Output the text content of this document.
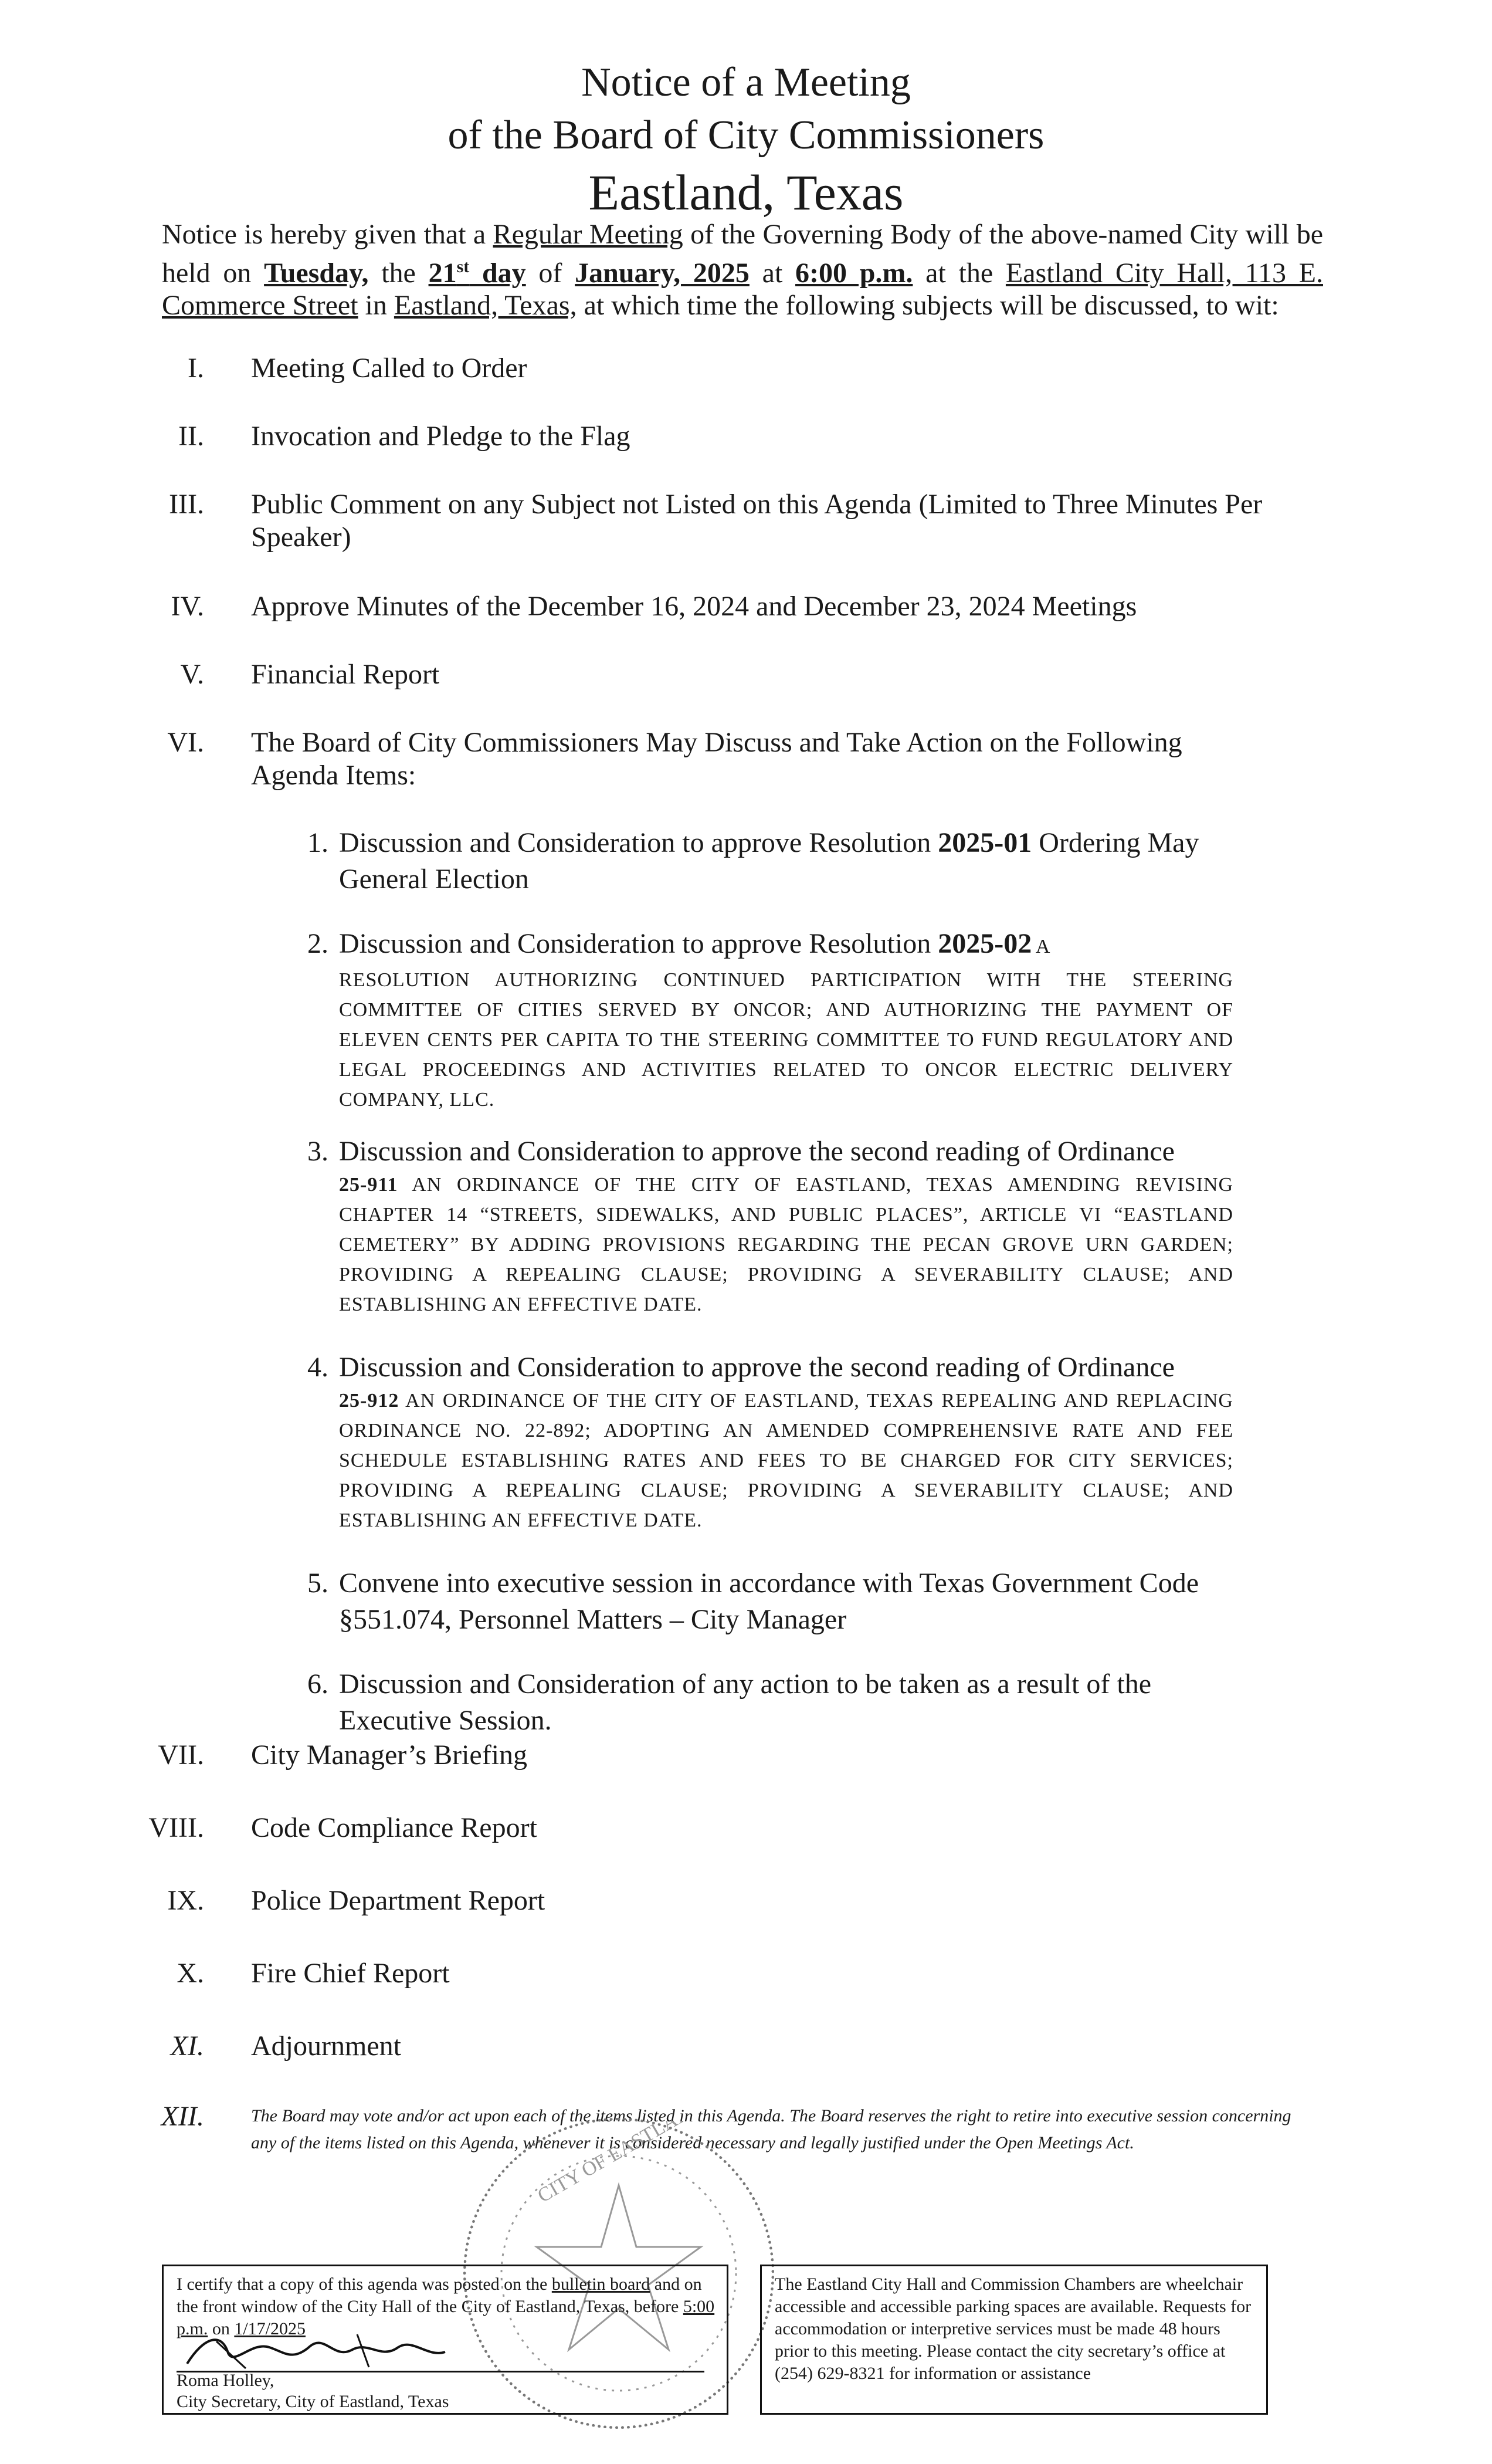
Notice of a Meeting
of the Board of City Commissioners
Eastland, Texas
Notice is hereby given that a Regular Meeting of the Governing Body of the above-named City will be held on Tuesday, the 21st day of January, 2025 at 6:00 p.m. at the Eastland City Hall, 113 E. Commerce Street in Eastland, Texas, at which time the following subjects will be discussed, to wit:
I. Meeting Called to Order
II. Invocation and Pledge to the Flag
III. Public Comment on any Subject not Listed on this Agenda (Limited to Three Minutes Per Speaker)
IV. Approve Minutes of the December 16, 2024 and December 23, 2024 Meetings
V. Financial Report
VI. The Board of City Commissioners May Discuss and Take Action on the Following Agenda Items:
1. Discussion and Consideration to approve Resolution 2025-01 Ordering May General Election
2. Discussion and Consideration to approve Resolution 2025-02 A
RESOLUTION AUTHORIZING CONTINUED PARTICIPATION WITH THE STEERING COMMITTEE OF CITIES SERVED BY ONCOR; AND AUTHORIZING THE PAYMENT OF ELEVEN CENTS PER CAPITA TO THE STEERING COMMITTEE TO FUND REGULATORY AND LEGAL PROCEEDINGS AND ACTIVITIES RELATED TO ONCOR ELECTRIC DELIVERY COMPANY, LLC.
3. Discussion and Consideration to approve the second reading of Ordinance
25-911 AN ORDINANCE OF THE CITY OF EASTLAND, TEXAS AMENDING REVISING CHAPTER 14 “STREETS, SIDEWALKS, AND PUBLIC PLACES”, ARTICLE VI “EASTLAND CEMETERY” BY ADDING PROVISIONS REGARDING THE PECAN GROVE URN GARDEN; PROVIDING A REPEALING CLAUSE; PROVIDING A SEVERABILITY CLAUSE; AND ESTABLISHING AN EFFECTIVE DATE.
4. Discussion and Consideration to approve the second reading of Ordinance
25-912 AN ORDINANCE OF THE CITY OF EASTLAND, TEXAS REPEALING AND REPLACING ORDINANCE NO. 22-892; ADOPTING AN AMENDED COMPREHENSIVE RATE AND FEE SCHEDULE ESTABLISHING RATES AND FEES TO BE CHARGED FOR CITY SERVICES; PROVIDING A REPEALING CLAUSE; PROVIDING A SEVERABILITY CLAUSE; AND ESTABLISHING AN EFFECTIVE DATE.
5. Convene into executive session in accordance with Texas Government Code §551.074, Personnel Matters – City Manager
6. Discussion and Consideration of any action to be taken as a result of the Executive Session.
VII. City Manager’s Briefing
VIII. Code Compliance Report
IX. Police Department Report
X. Fire Chief Report
XI. Adjournment
XII.	The Board may vote and/or act upon each of the items listed in this Agenda. The Board reserves the right to retire into executive session concerning any of the items listed on this Agenda, whenever it is considered necessary and legally justified under the Open Meetings Act.
CITY OF EASTLAND
I certify that a copy of this agenda was posted on the bulletin board and on the front window of the City Hall of the City of Eastland, Texas, before 5:00 p.m. on 1/17/2025
Roma Holley,
City Secretary, City of Eastland, Texas
The Eastland City Hall and Commission Chambers are wheelchair accessible and accessible parking spaces are available. Requests for accommodation or interpretive services must be made 48 hours prior to this meeting. Please contact the city secretary’s office at (254) 629-8321 for information or assistance
